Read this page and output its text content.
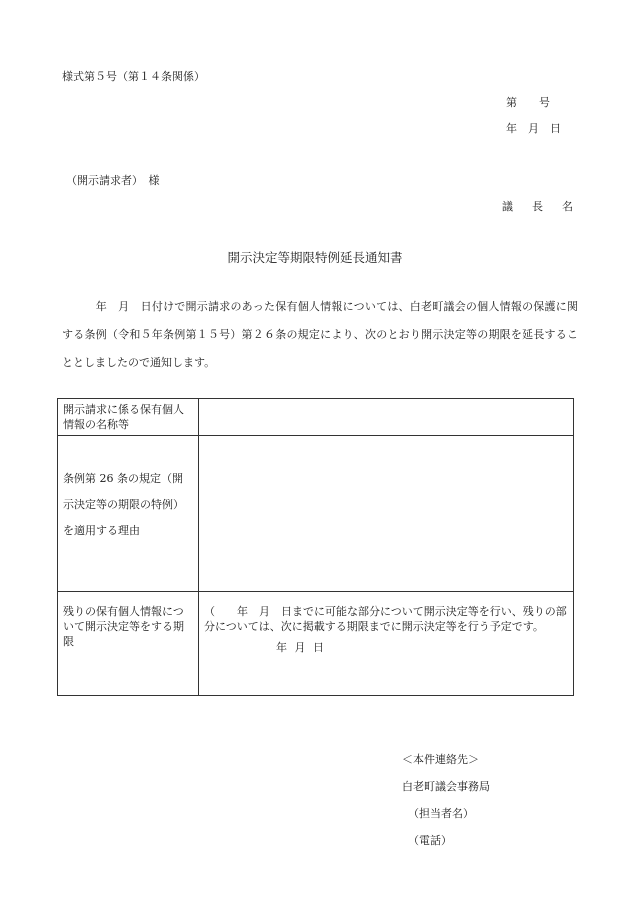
様式第５号（第１４条関係）
第　　号
年　月　日
（開示請求者）　様
議　長　名
開示決定等期限特例延長通知書
　　　年　月　日付けで開示請求のあった保有個人情報については、白老町議会の個人情報の保護に関する条例（令和５年条例第１５号）第２６条の規定により、次のとおり開示決定等の期限を延長することとしましたので通知します。
開示請求に係る保有個人情報の名称等	
条例第 26 条の規定（開示決定等の期限の特例）を適用する理由	
残りの保有個人情報について開示決定等をする期限	（　　年　月　日までに可能な部分について開示決定等を行い、残りの部分については、次に掲載する期限までに開示決定等を行う予定です。
年 月 日
＜本件連絡先＞
白老町議会事務局
（担当者名）
（電話）
